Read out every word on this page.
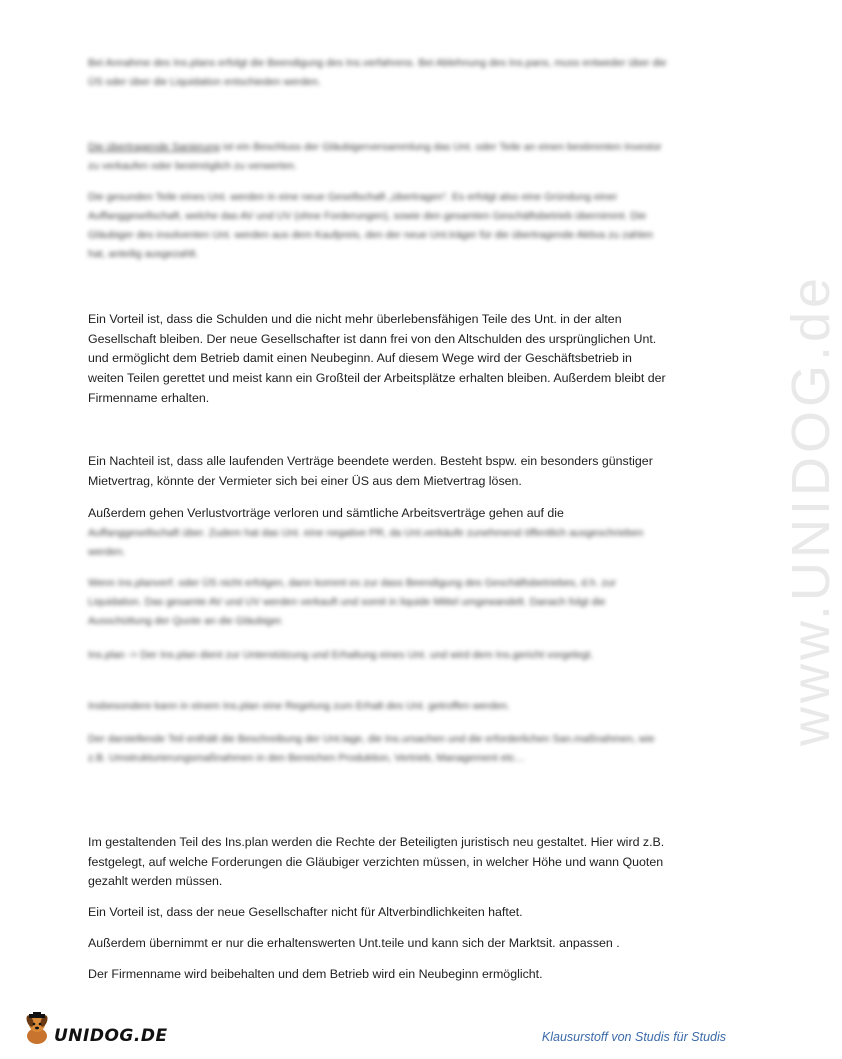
www.UNIDOG.de
Bei Annahme des Ins.plans erfolgt die Beendigung des Ins.verfahrens. Bei Ablehnung des Ins.pans, muss entweder über die ÜS oder über die Liquidation entschieden werden.
Die übertragende Sanierung ist ein Beschluss der Gläubigerversammlung das Unt. oder Teile an einen bestimmten Investor zu verkaufen oder bestmöglich zu verwerten.
Die gesunden Teile eines Unt. werden in eine neue Gesellschaft „übertragen“. Es erfolgt also eine Gründung einer Auffanggesellschaft, welche das AV und UV (ohne Forderungen), sowie den gesamten Geschäftsbetrieb übernimmt. Die Gläubiger des insolventen Unt. werden aus dem Kaufpreis, den der neue Unt.träger für die übertragende Aktiva zu zahlen hat, anteilig ausgezahlt.
Ein Vorteil ist, dass die Schulden und die nicht mehr überlebensfähigen Teile des Unt. in der alten Gesellschaft bleiben. Der neue Gesellschafter ist dann frei von den Altschulden des ursprünglichen Unt. und ermöglicht dem Betrieb damit einen Neubeginn. Auf diesem Wege wird der Geschäftsbetrieb in weiten Teilen gerettet und meist kann ein Großteil der Arbeitsplätze erhalten bleiben. Außerdem bleibt der Firmenname erhalten.
Ein Nachteil ist, dass alle laufenden Verträge beendete werden. Besteht bspw. ein besonders günstiger Mietvertrag, könnte der Vermieter sich bei einer ÜS aus dem Mietvertrag lösen.
Außerdem gehen Verlustvorträge verloren und sämtliche Arbeitsverträge gehen auf die
Auffanggesellschaft über. Zudem hat das Unt. eine negative PR, da Unt.verkäufe zunehmend öffentlich ausgeschrieben werden.
Wenn Ins.planverf. oder ÜS nicht erfolgen, dann kommt es zur dass Beendigung des Geschäftsbetriebes, d.h. zur Liquidation. Das gesamte AV und UV werden verkauft und somit in liquide Mittel umgewandelt. Danach folgt die Ausschüttung der Quote an die Gläubiger.
Ins.plan -> Der Ins.plan dient zur Unterstützung und Erhaltung eines Unt. und wird dem Ins.gericht vorgelegt.
Insbesondere kann in einem Ins.plan eine Regelung zum Erhalt des Unt. getroffen werden.
Der darstellende Teil enthält die Beschreibung der Unt.lage, die Ins.ursachen und die erforderlichen San.maßnahmen, wie z.B. Umstrukturierungsmaßnahmen in den Bereichen Produktion, Vertrieb, Management etc…
Im gestaltenden Teil des Ins.plan werden die Rechte der Beteiligten juristisch neu gestaltet. Hier wird z.B. festgelegt, auf welche Forderungen die Gläubiger verzichten müssen, in welcher Höhe und wann Quoten gezahlt werden müssen.
Ein Vorteil ist, dass der neue Gesellschafter nicht für Altverbindlichkeiten haftet.
Außerdem übernimmt er nur die erhaltenswerten Unt.teile und kann sich der Marktsit. anpassen .
Der Firmenname wird beibehalten und dem Betrieb wird ein Neubeginn ermöglicht.
UNIDOG.DE	Klausurstoff von Studis für Studis
